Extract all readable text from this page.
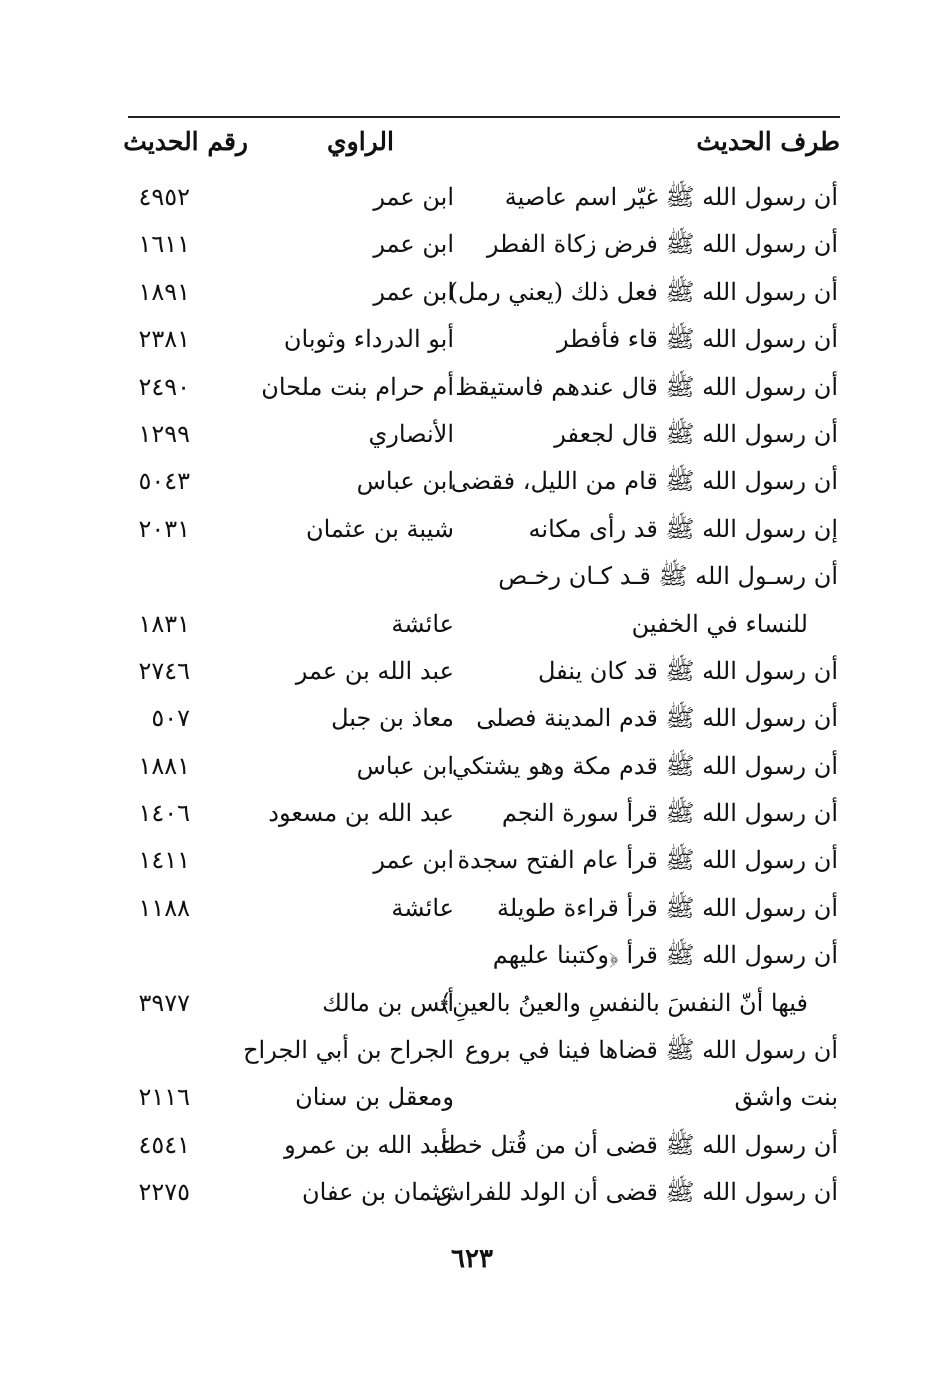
طرف الحديث
الراوي
رقم الحديث
أن رسول الله ﷺ غيّر اسم عاصية
ابن عمر
٤٩٥٢
أن رسول الله ﷺ فرض زكاة الفطر
ابن عمر
١٦١١
أن رسول الله ﷺ فعل ذلك (يعني رمل)
ابن عمر
١٨٩١
أن رسول الله ﷺ قاء فأفطر
أبو الدرداء وثوبان
٢٣٨١
أن رسول الله ﷺ قال عندهم فاستيقظ
أم حرام بنت ملحان
٢٤٩٠
أن رسول الله ﷺ قال لجعفر
الأنصاري
١٢٩٩
أن رسول الله ﷺ قام من الليل، فقضى
ابن عباس
٥٠٤٣
إن رسول الله ﷺ قد رأى مكانه
شيبة بن عثمان
٢٠٣١
أن رسـول الله ﷺ قـد كـان رخـص
للنساء في الخفين
عائشة
١٨٣١
أن رسول الله ﷺ قد كان ينفل
عبد الله بن عمر
٢٧٤٦
أن رسول الله ﷺ قدم المدينة فصلى
معاذ بن جبل
٥٠٧
أن رسول الله ﷺ قدم مكة وهو يشتكي
ابن عباس
١٨٨١
أن رسول الله ﷺ قرأ سورة النجم
عبد الله بن مسعود
١٤٠٦
أن رسول الله ﷺ قرأ عام الفتح سجدة
ابن عمر
١٤١١
أن رسول الله ﷺ قرأ قراءة طويلة
عائشة
١١٨٨
أن رسول الله ﷺ قرأ ﴿وكتبنا عليهم
فيها أنّ النفسَ بالنفسِ والعينُ بالعينِ﴾
أنس بن مالك
٣٩٧٧
أن رسول الله ﷺ قضاها فينا في بروع
الجراح بن أبي الجراح
بنت واشق
ومعقل بن سنان
٢١١٦
أن رسول الله ﷺ قضى أن من قُتل خطأ
عبد الله بن عمرو
٤٥٤١
أن رسول الله ﷺ قضى أن الولد للفراش
عثمان بن عفان
٢٢٧٥
٦٢٣
